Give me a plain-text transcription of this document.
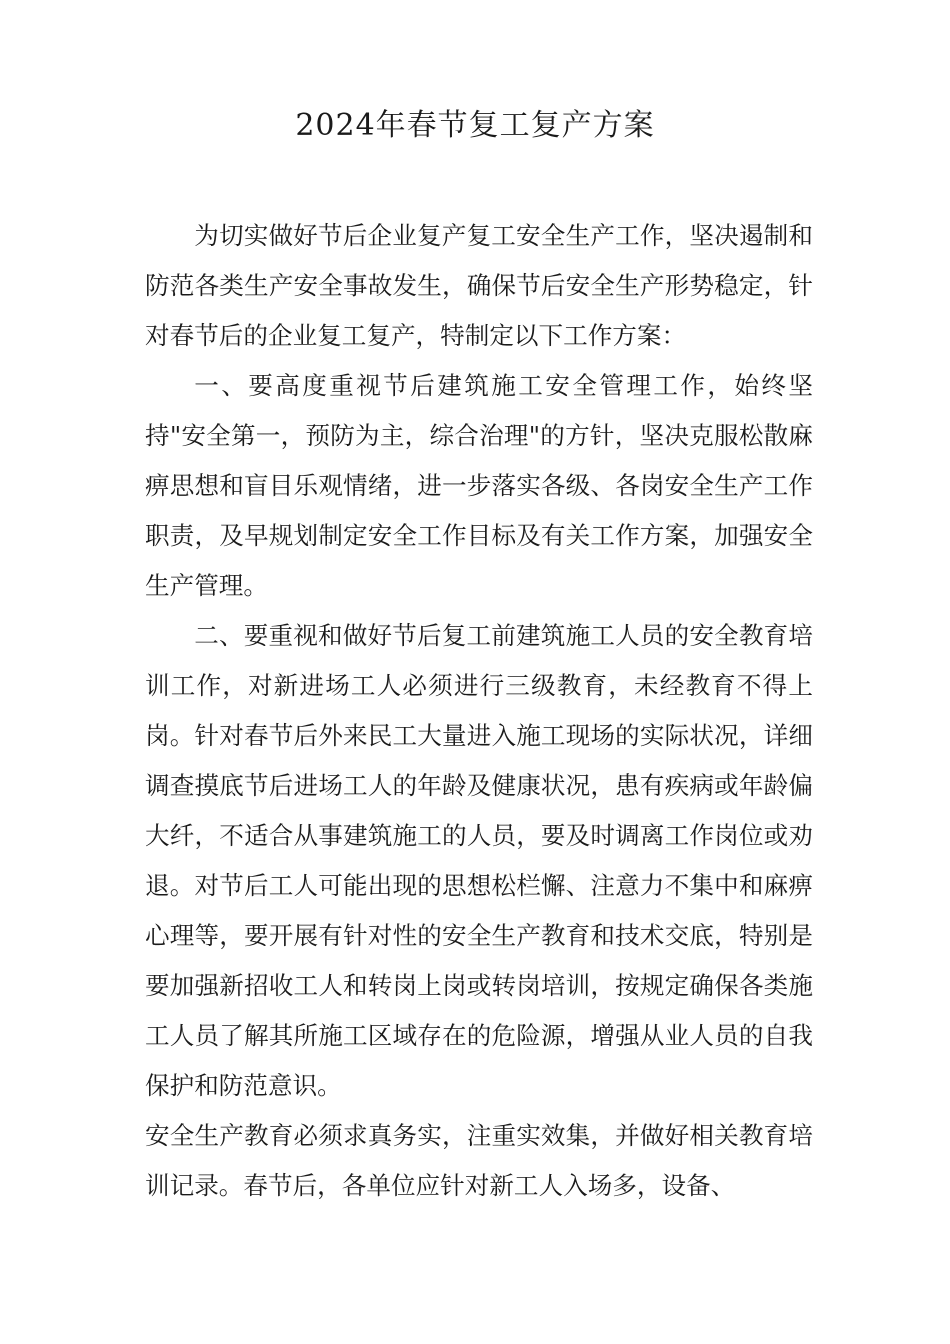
2024年春节复工复产方案

为切实做好节后企业复产复工安全生产工作，坚决遏制和防范各类生产安全事故发生，确保节后安全生产形势稳定，针对春节后的企业复工复产，特制定以下工作方案：

一、要高度重视节后建筑施工安全管理工作，始终坚持"安全第一，预防为主，综合治理"的方针，坚决克服松散麻痹思想和盲目乐观情绪，进一步落实各级、各岗安全生产工作职责，及早规划制定安全工作目标及有关工作方案，加强安全生产管理。

二、要重视和做好节后复工前建筑施工人员的安全教育培训工作，对新进场工人必须进行三级教育，未经教育不得上岗。针对春节后外来民工大量进入施工现场的实际状况，详细调查摸底节后进场工人的年龄及健康状况，患有疾病或年龄偏大纤，不适合从事建筑施工的人员，要及时调离工作岗位或劝退。对节后工人可能出现的思想松栏懈、注意力不集中和麻痹心理等，要开展有针对性的安全生产教育和技术交底，特别是要加强新招收工人和转岗上岗或转岗培训，按规定确保各类施工人员了解其所施工区域存在的危险源，增强从业人员的自我保护和防范意识。

安全生产教育必须求真务实，注重实效集，并做好相关教育培训记录。春节后，各单位应针对新工人入场多，设备、
